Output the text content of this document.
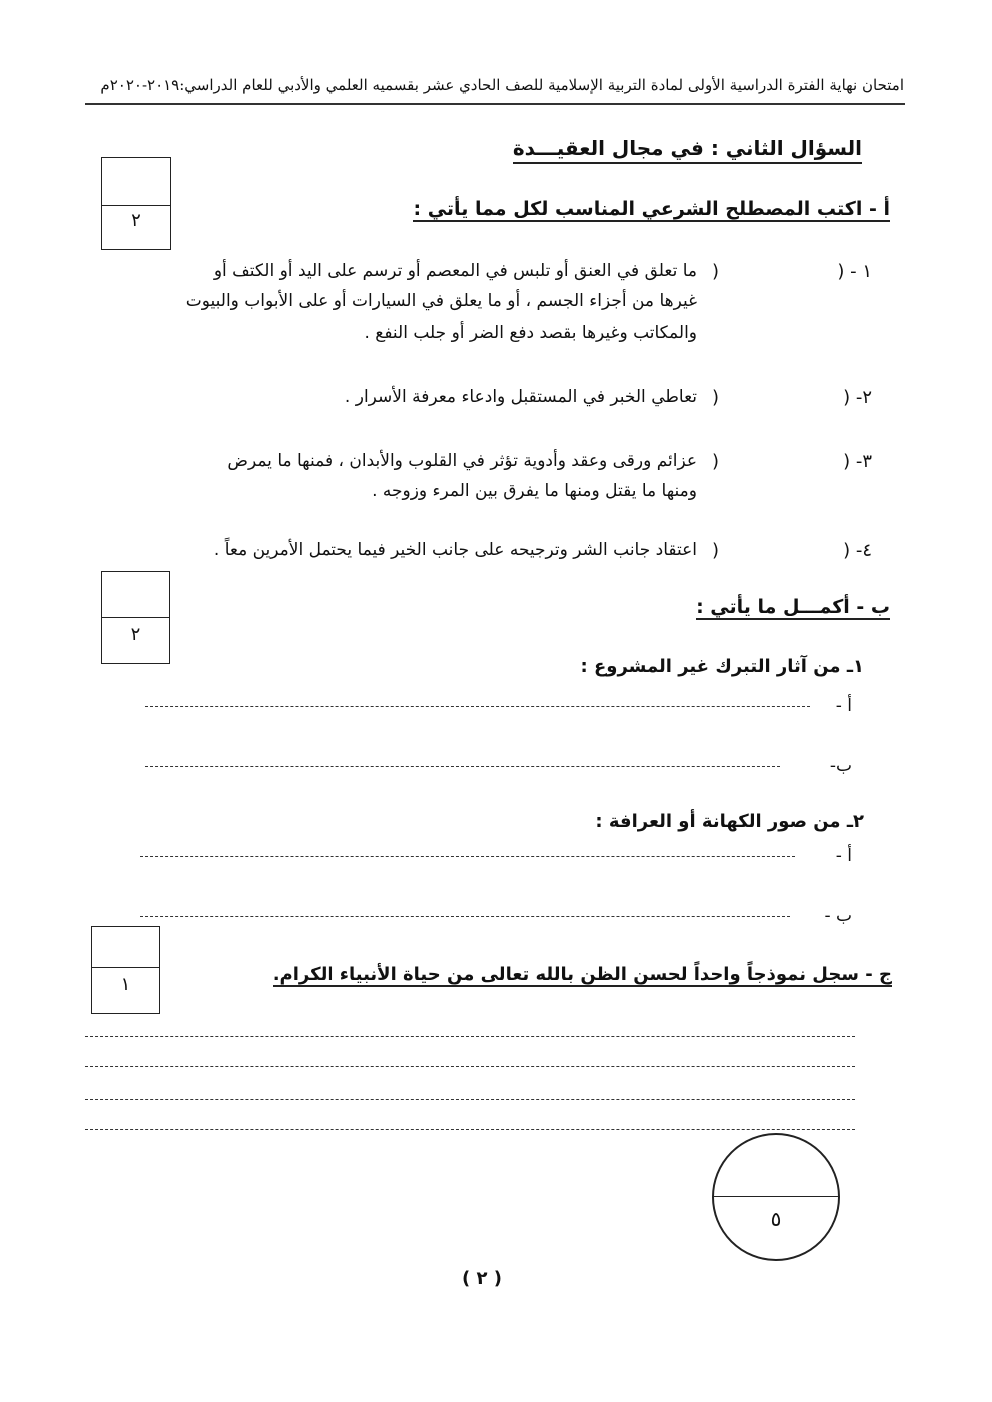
امتحان نهاية الفترة الدراسية الأولى لمادة التربية الإسلامية للصف الحادي عشر بقسميه العلمي والأدبي للعام الدراسي:٢٠١٩-٢٠٢٠م
السؤال الثاني : في مجال العقيـــدة
٢
أ - اكتب المصطلح الشرعي المناسب لكل مما يأتي :
١ - (
)
ما تعلق في العنق أو تلبس في المعصم أو ترسم على اليد أو الكتف أو
غيرها من أجزاء الجسم ، أو ما يعلق في السيارات أو على الأبواب والبيوت
والمكاتب وغيرها بقصد دفع الضر أو جلب النفع .
٢- (
)
تعاطي الخبر في المستقبل وادعاء معرفة الأسرار .
٣- (
)
عزائم ورقى وعقد وأدوية تؤثر في القلوب والأبدان ، فمنها ما يمرض
ومنها ما يقتل ومنها ما يفرق بين المرء وزوجه .
٤- (
)
اعتقاد جانب الشر وترجيحه على جانب الخير فيما يحتمل الأمرين معاً .
٢
ب - أكمـــل ما يأتي :
١ـ من آثار التبرك غير المشروع :
أ -
ب-
٢ـ من صور الكهانة أو العرافة :
أ -
ب -
١	ج - سجل نموذجاً واحداً لحسن الظن بالله تعالى من حياة الأنبياء الكرام.
٥
( ٢ )
